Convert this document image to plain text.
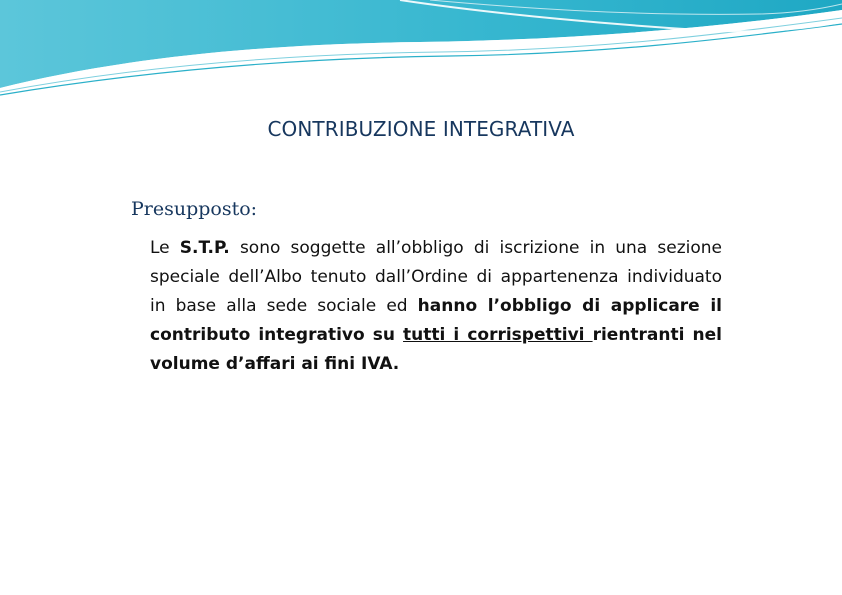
CONTRIBUZIONE INTEGRATIVA
Presupposto:
Le S.T.P. sono soggette all’obbligo di iscrizione in una sezione speciale dell’Albo tenuto dall’Ordine di appartenenza individuato in base alla sede sociale ed hanno l’obbligo di applicare il contributo integrativo su tutti i corrispettivi rientranti nel volume d’affari ai fini IVA.
